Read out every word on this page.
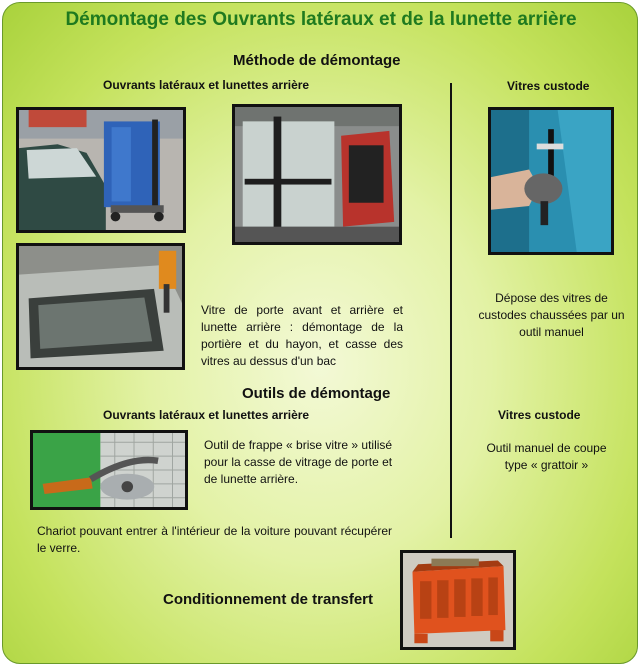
Démontage des Ouvrants latéraux et de la lunette arrière
Méthode de démontage
Ouvrants latéraux et lunettes arrière	Vitres custode
Vitre de porte avant et arrière et lunette arrière : démontage de la portière et du hayon, et casse des vitres au dessus d'un bac
Dépose des vitres de custodes chaussées par un outil manuel
Outils de démontage
Ouvrants latéraux et lunettes arrière	Vitres custode
Outil de frappe « brise vitre » utilisé pour la casse de vitrage de porte et de lunette arrière.
Outil manuel de coupe type « grattoir »
Chariot pouvant entrer à l'intérieur de la voiture pouvant récupérer le verre.
Conditionnement de transfert
